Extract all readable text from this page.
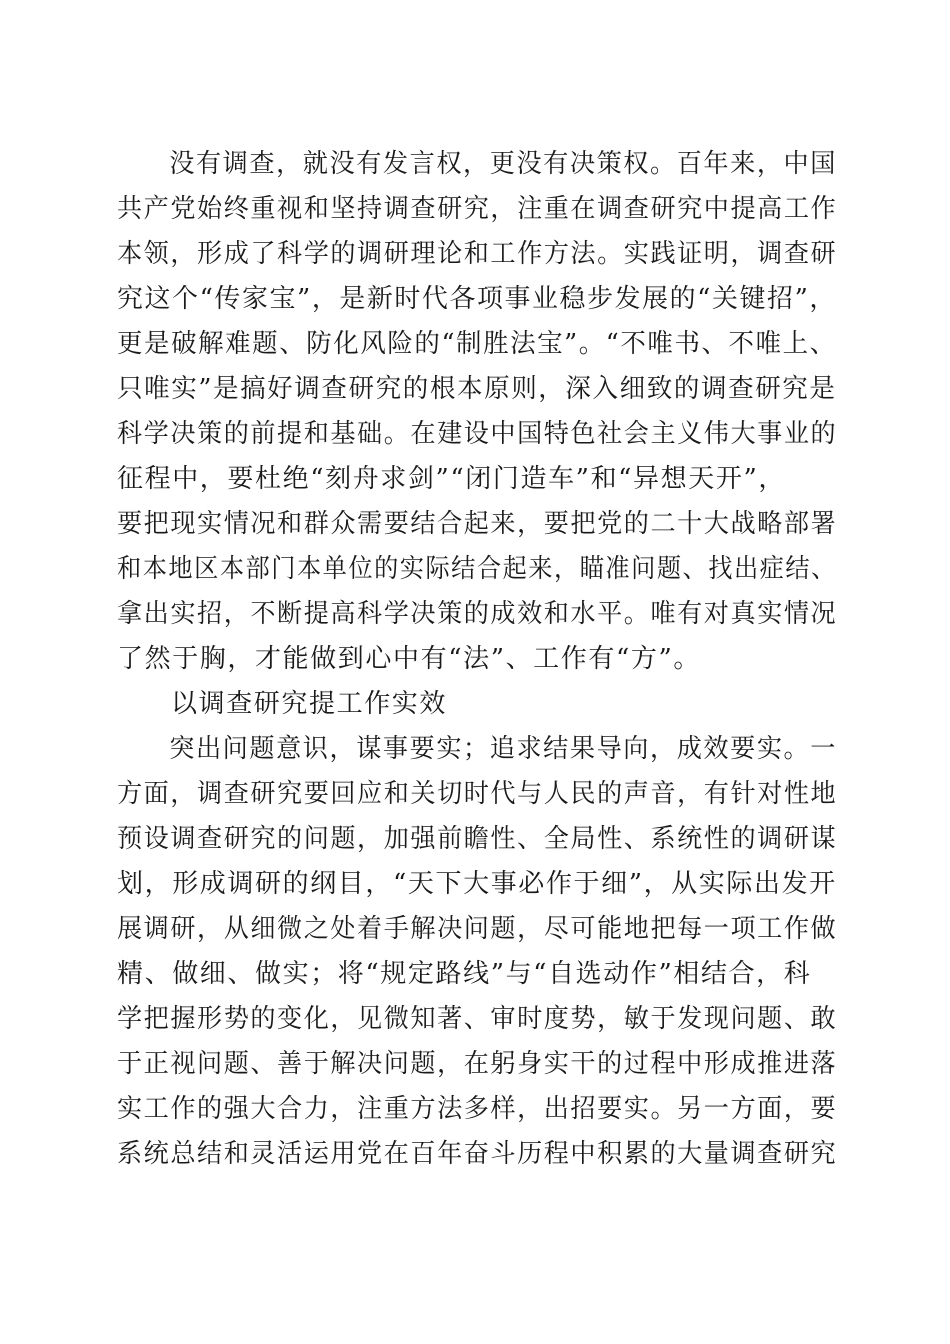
没有调查，就没有发言权，更没有决策权。百年来，中国
共产党始终重视和坚持调查研究，注重在调查研究中提高工作
本领，形成了科学的调研理论和工作方法。实践证明，调查研
究这个“传家宝”，是新时代各项事业稳步发展的“关键招”，
更是破解难题、防化风险的“制胜法宝”。“不唯书、不唯上、
只唯实”是搞好调查研究的根本原则，深入细致的调查研究是
科学决策的前提和基础。在建设中国特色社会主义伟大事业的
征程中，要杜绝“刻舟求剑”“闭门造车”和“异想天开”，
要把现实情况和群众需要结合起来，要把党的二十大战略部署
和本地区本部门本单位的实际结合起来，瞄准问题、找出症结、
拿出实招，不断提高科学决策的成效和水平。唯有对真实情况
了然于胸，才能做到心中有“法”、工作有“方”。
以调查研究提工作实效
突出问题意识，谋事要实；追求结果导向，成效要实。一
方面，调查研究要回应和关切时代与人民的声音，有针对性地
预设调查研究的问题，加强前瞻性、全局性、系统性的调研谋
划，形成调研的纲目，“天下大事必作于细”，从实际出发开
展调研，从细微之处着手解决问题，尽可能地把每一项工作做
精、做细、做实；将“规定路线”与“自选动作”相结合，科
学把握形势的变化，见微知著、审时度势，敏于发现问题、敢
于正视问题、善于解决问题，在躬身实干的过程中形成推进落
实工作的强大合力，注重方法多样，出招要实。另一方面，要
系统总结和灵活运用党在百年奋斗历程中积累的大量调查研究
